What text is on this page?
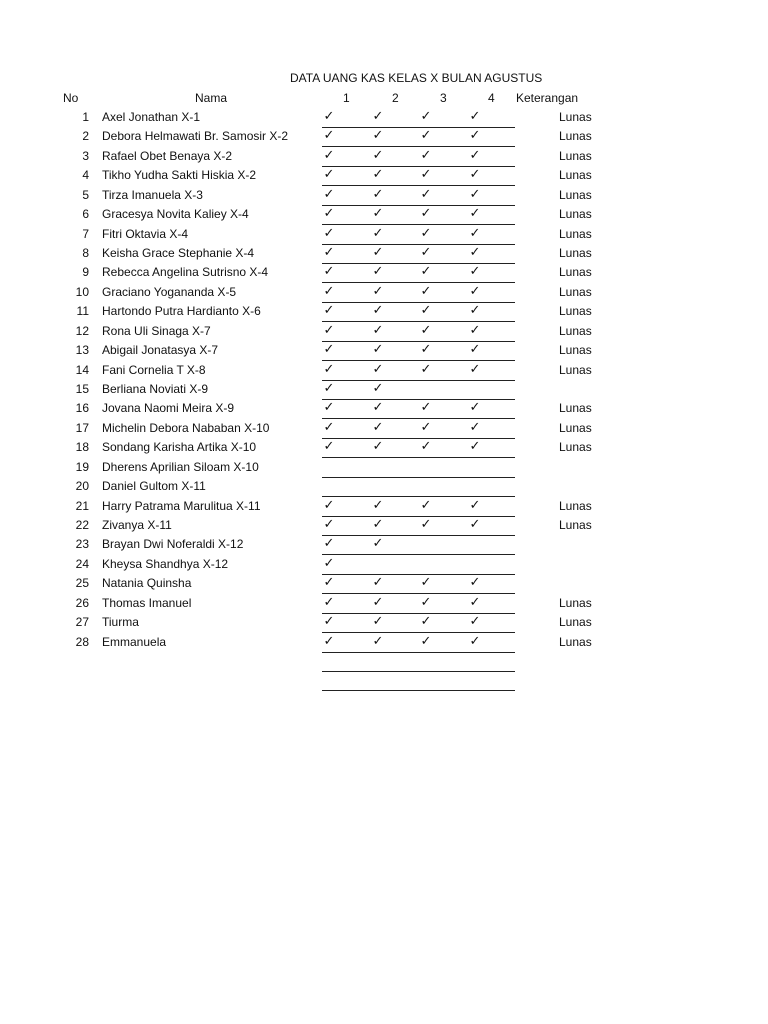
DATA UANG KAS KELAS X BULAN AGUSTUS
No	Nama	1	2	3	4 Keterangan
1 Axel Jonathan X-1	✓	✓	✓	✓	Lunas
2 Debora Helmawati Br. Samosir X-2	✓	✓	✓	✓	Lunas
3 Rafael Obet Benaya X-2	✓	✓	✓	✓	Lunas
4 Tikho Yudha Sakti Hiskia X-2	✓	✓	✓	✓	Lunas
5 Tirza Imanuela X-3	✓	✓	✓	✓	Lunas
6 Gracesya Novita Kaliey X-4	✓	✓	✓	✓	Lunas
7 Fitri Oktavia X-4	✓	✓	✓	✓	Lunas
8 Keisha Grace Stephanie X-4	✓	✓	✓	✓	Lunas
9 Rebecca Angelina Sutrisno X-4	✓	✓	✓	✓	Lunas
10 Graciano Yogananda X-5	✓	✓	✓	✓	Lunas
11 Hartondo Putra Hardianto X-6	✓	✓	✓	✓	Lunas
12 Rona Uli Sinaga X-7	✓	✓	✓	✓	Lunas
13 Abigail Jonatasya X-7	✓	✓	✓	✓	Lunas
14 Fani Cornelia T X-8	✓	✓	✓	✓	Lunas
15 Berliana Noviati X-9	✓	✓
16 Jovana Naomi Meira X-9	✓	✓	✓	✓	Lunas
17 Michelin Debora Nababan X-10	✓	✓	✓	✓	Lunas
18 Sondang Karisha Artika X-10	✓	✓	✓	✓	Lunas
19 Dherens Aprilian Siloam X-10
20 Daniel Gultom X-11
21 Harry Patrama Marulitua X-11	✓	✓	✓	✓	Lunas
22 Zivanya X-11	✓	✓	✓	✓	Lunas
23 Brayan Dwi Noferaldi X-12	✓	✓
24 Kheysa Shandhya X-12	✓
25 Natania Quinsha	✓	✓	✓	✓
26 Thomas Imanuel	✓	✓	✓	✓	Lunas
27 Tiurma	✓	✓	✓	✓	Lunas
28 Emmanuela	✓	✓	✓	✓	Lunas
